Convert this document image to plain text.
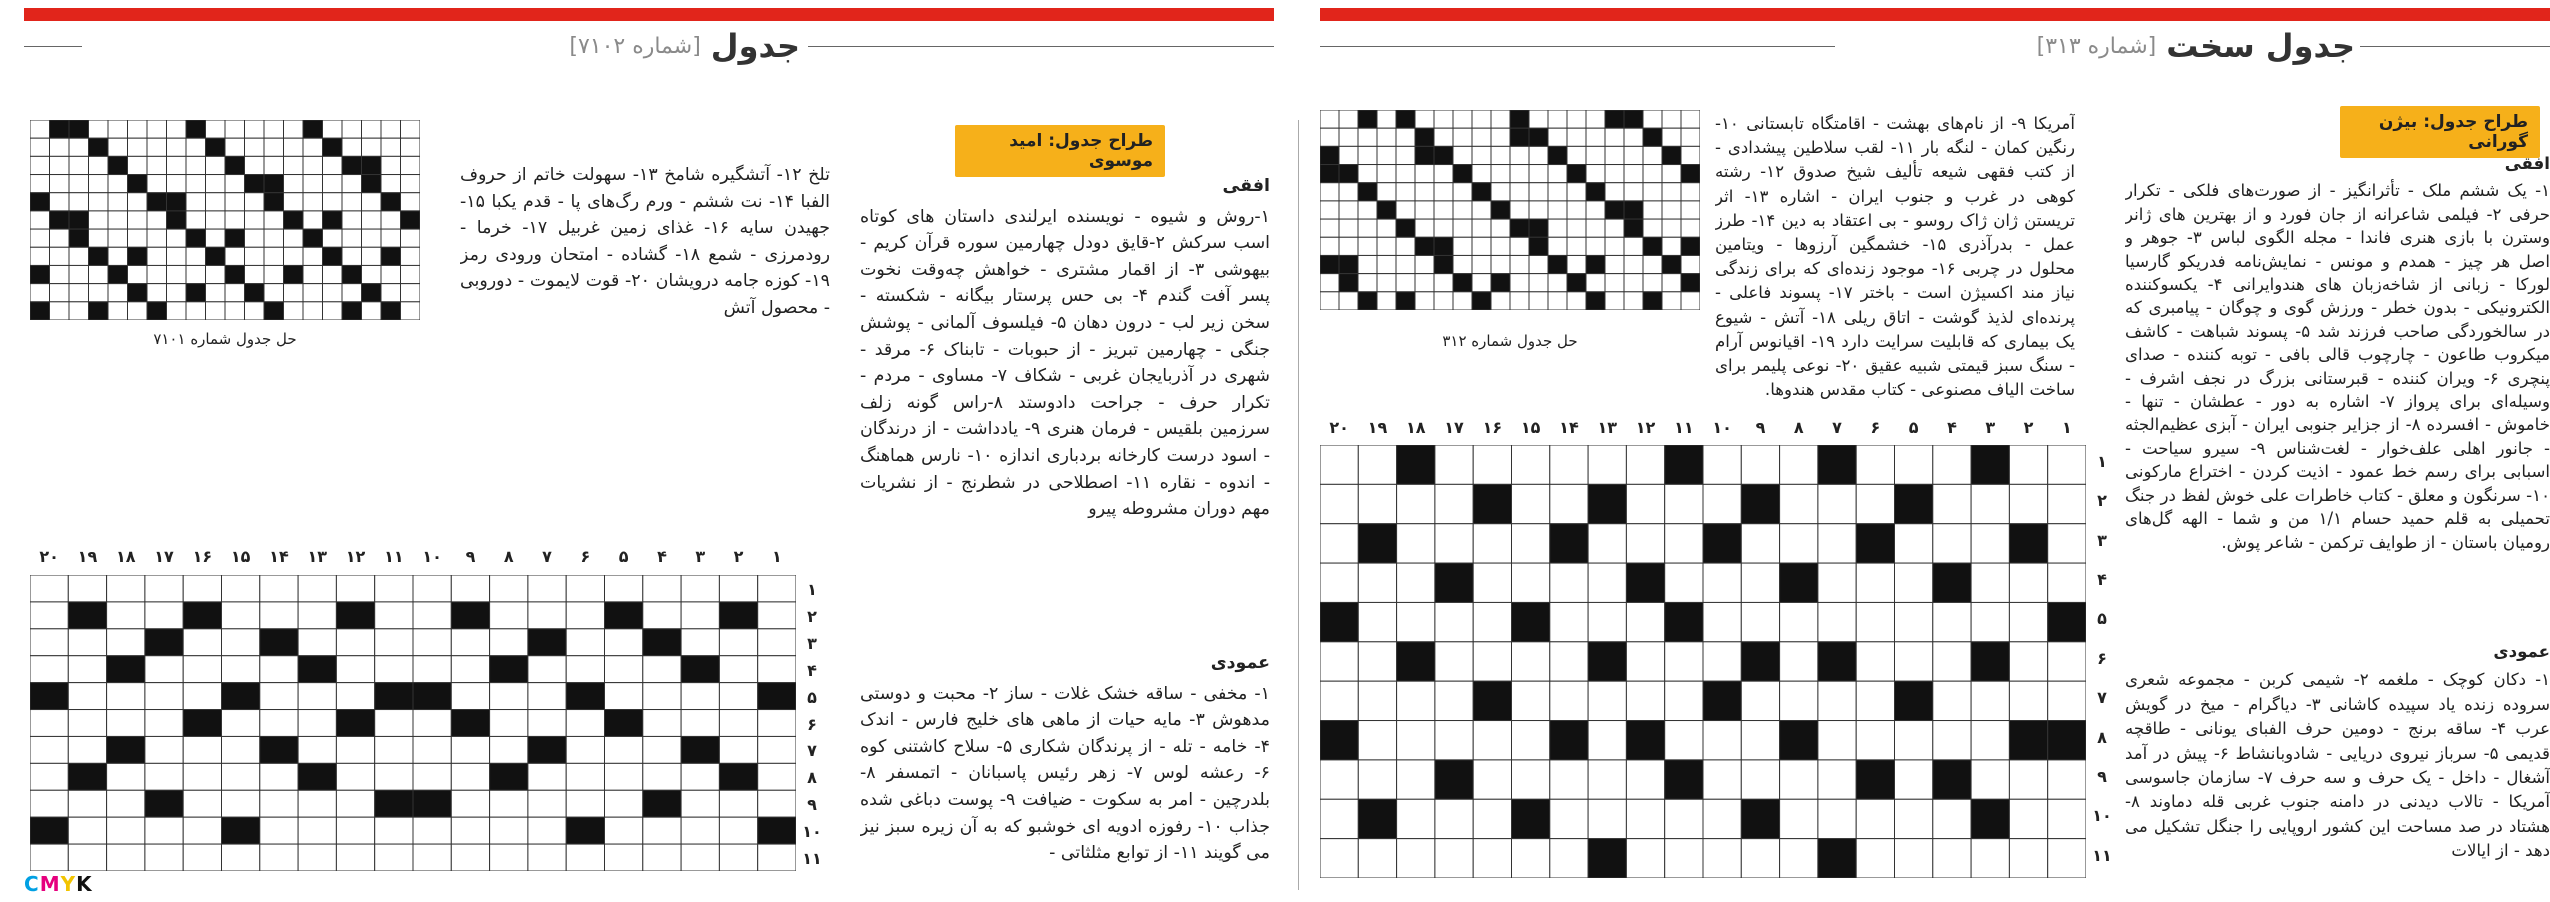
[شماره ۷۱۰۲] جدول
طراح جدول: امید موسوی
حل جدول شماره ۷۱۰۱
تلخ ۱۲- آتشگیره شامخ ۱۳- سهولت خاتم از حروف الفبا ۱۴- نت ششم - ورم رگ‌های پا - قدم یکبا ۱۵- جهیدن سایه ۱۶- غذای زمین غربیل ۱۷- خرما - رودمرزی - شمع ۱۸- گشاده - امتحان ورودی رمز ۱۹- کوزه جامه درویشان ۲۰- قوت لایموت - دوروبی - محصول آتش
افقی
۱-روش و شیوه - نویسنده ایرلندی داستان های کوتاه اسب سرکش ۲-قایق دودل چهارمین سوره قرآن کریم - بیهوشی ۳- از اقمار مشتری - خواهش چه‌وقت نخوت پسر آفت گندم ۴- بی حس پرستار بیگانه - شکسته - سخن زیر لب - درون دهان ۵- فیلسوف آلمانی - پوشش جنگی - چهارمین تبریز - از حبوبات - تابناک ۶- مرقد - شهری در آذربایجان غربی - شکاف ۷- مساوی - مردم - تکرار حرف - جراحت دادوستد ۸-راس گونه زلف سرزمین بلقیس - فرمان هنری ۹- یادداشت - از درندگان - اسود درست کارخانه بردباری اندازه ۱۰- نارس هماهنگ - اندوه - نقاره ۱۱- اصطلاحی در شطرنج - از نشریات مهم دوران مشروطه پیرو
عمودی
۱- مخفی - ساقه خشک غلات - ساز ۲- محبت و دوستی مدهوش ۳- مایه حیات از ماهی های خلیج فارس - اندک ۴- خامه - تله - از پرندگان شکاری ۵- سلاح کاشتنی کوه ۶- رعشه لوس ۷- زهر رئیس پاسبانان - اتمسفر ۸- بلدرچین - امر به سکوت - ضیافت ۹- پوست دباغی شده جذاب ۱۰- رفوزه ادویه ای خوشبو که به آن زیره سبز نیز می گویند ۱۱- از توابع مثلثاتی -
۲۰	۱۹	۱۸	۱۷	۱۶	۱۵	۱۴	۱۳	۱۲	۱۱	۱۰	۹	۸	۷	۶	۵	۴	۳	۲	۱
۱
۲
۳
۴
۵
۶
۷
۸
۹
۱۰
۱۱
[شماره ۳۱۳] جدول سخت
طراح جدول: بیژن گورانی
حل جدول شماره ۳۱۲
آمریکا ۹- از نام‌های بهشت - اقامتگاه تابستانی ۱۰- رنگین کمان - لنگه بار ۱۱- لقب سلاطین پیشدادی - از کتب فقهی شیعه تألیف شیخ صدوق ۱۲- رشته کوهی در غرب و جنوب ایران - اشاره ۱۳- اثر تریستن ژان ژاک روسو - بی اعتقاد به دین ۱۴- طرز عمل - بدرآذری ۱۵- خشمگین آرزوها - ویتامین محلول در چربی ۱۶- موجود زنده‌ای که برای زندگی نیاز مند اکسیژن است - باختر ۱۷- پسوند فاعلی - پرنده‌ای لذیذ گوشت - اتاق ریلی ۱۸- آتش - شیوع یک بیماری که قابلیت سرایت دارد ۱۹- اقیانوس آرام - سنگ سبز قیمتی شبیه عقیق ۲۰- نوعی پلیمر برای ساخت الیاف مصنوعی - کتاب مقدس هندوها.
افقی
۱- یک ششم ملک - تأثرانگیز - از صورت‌های فلکی - تکرار حرفی ۲- فیلمی شاعرانه از جان فورد و از بهترین های ژانر وسترن با بازی هنری فاندا - مجله الگوی لباس ۳- جوهر و اصل هر چیز - همدم و مونس - نمایش‌نامه فدریکو گارسیا لورکا - زبانی از شاخه‌زبان های هندوایرانی ۴- یکسوکننده الکترونیکی - بدون خطر - ورزش گوی و چوگان - پیامبری که در سالخوردگی صاحب فرزند شد ۵- پسوند شباهت - کاشف میکروب طاعون - چارچوب قالی بافی - توبه کننده - صدای پنچری ۶- ویران کننده - قبرستانی بزرگ در نجف اشرف - وسیله‌ای برای پرواز ۷- اشاره به دور - عطشان - تنها - خاموش - افسرده ۸- از جزایر جنوبی ایران - آبزی عظیم‌الجثه - جانور اهلی علف‌خوار - لغت‌شناس ۹- سیرو سیاحت - اسبابی برای رسم خط عمود - اذیت کردن - اختراع مارکونی ۱۰- سرنگون و معلق - کتاب خاطرات علی خوش لفظ در جنگ تحمیلی به قلم حمید حسام ۱/۱ من و شما - الهه گل‌های رومیان باستان - از طوایف ترکمن - شاعر پوش.
عمودی
۱- دکان کوچک - ملغمه ۲- شیمی کربن - مجموعه شعری سروده زنده یاد سپیده کاشانی ۳- دیاگرام - میخ در گویش عرب ۴- ساقه برنج - دومین حرف الفبای یونانی - طاقچه قدیمی ۵- سرباز نیروی دریایی - شادوبانشاط ۶- پیش در آمد آشغال - داخل - یک حرف و سه حرف ۷- سازمان جاسوسی آمریکا - تالاب دیدنی در دامنه جنوب غربی قله دماوند ۸- هشتاد در صد مساحت این کشور اروپایی را جنگل تشکیل می دهد - از ایالات
۲۰	۱۹	۱۸	۱۷	۱۶	۱۵	۱۴	۱۳	۱۲	۱۱	۱۰	۹	۸	۷	۶	۵	۴	۳	۲	۱
۱
۲
۳
۴
۵
۶
۷
۸
۹
۱۰
۱۱
CMYK
